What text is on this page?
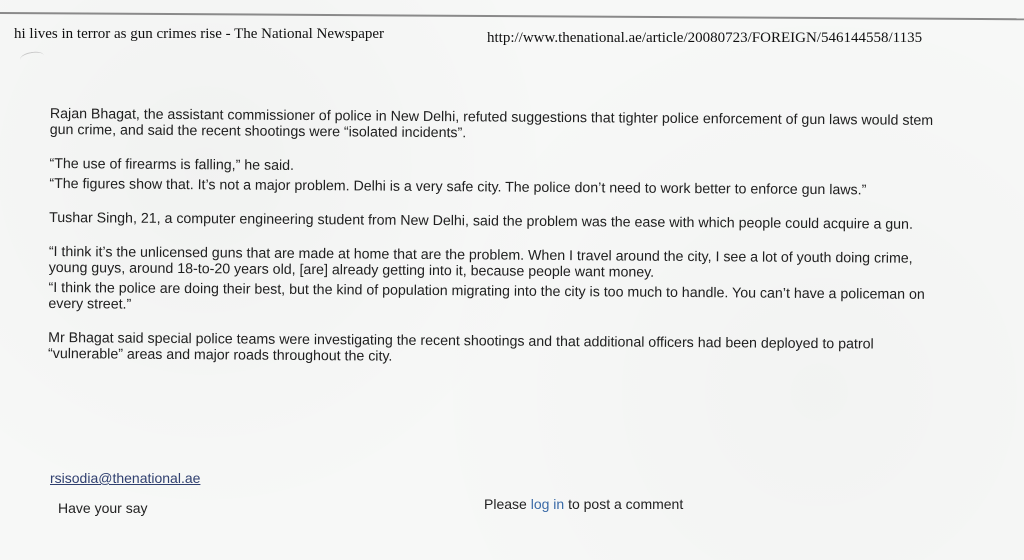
hi lives in terror as gun crimes rise - The National Newspaper	http://www.thenational.ae/article/20080723/FOREIGN/546144558/1135

Rajan Bhagat, the assistant commissioner of police in New Delhi, refuted suggestions that tighter police enforcement of gun laws would stem gun crime, and said the recent shootings were “isolated incidents”.

“The use of firearms is falling,” he said.

“The figures show that. It’s not a major problem. Delhi is a very safe city. The police don’t need to work better to enforce gun laws.”

Tushar Singh, 21, a computer engineering student from New Delhi, said the problem was the ease with which people could acquire a gun.

“I think it’s the unlicensed guns that are made at home that are the problem. When I travel around the city, I see a lot of youth doing crime, young guys, around 18-to-20 years old, [are] already getting into it, because people want money.

“I think the police are doing their best, but the kind of population migrating into the city is too much to handle. You can’t have a policeman on every street.”

Mr Bhagat said special police teams were investigating the recent shootings and that additional officers had been deployed to patrol “vulnerable” areas and major roads throughout the city.

rsisodia@thenational.ae
Have your say	Please log in to post a comment
